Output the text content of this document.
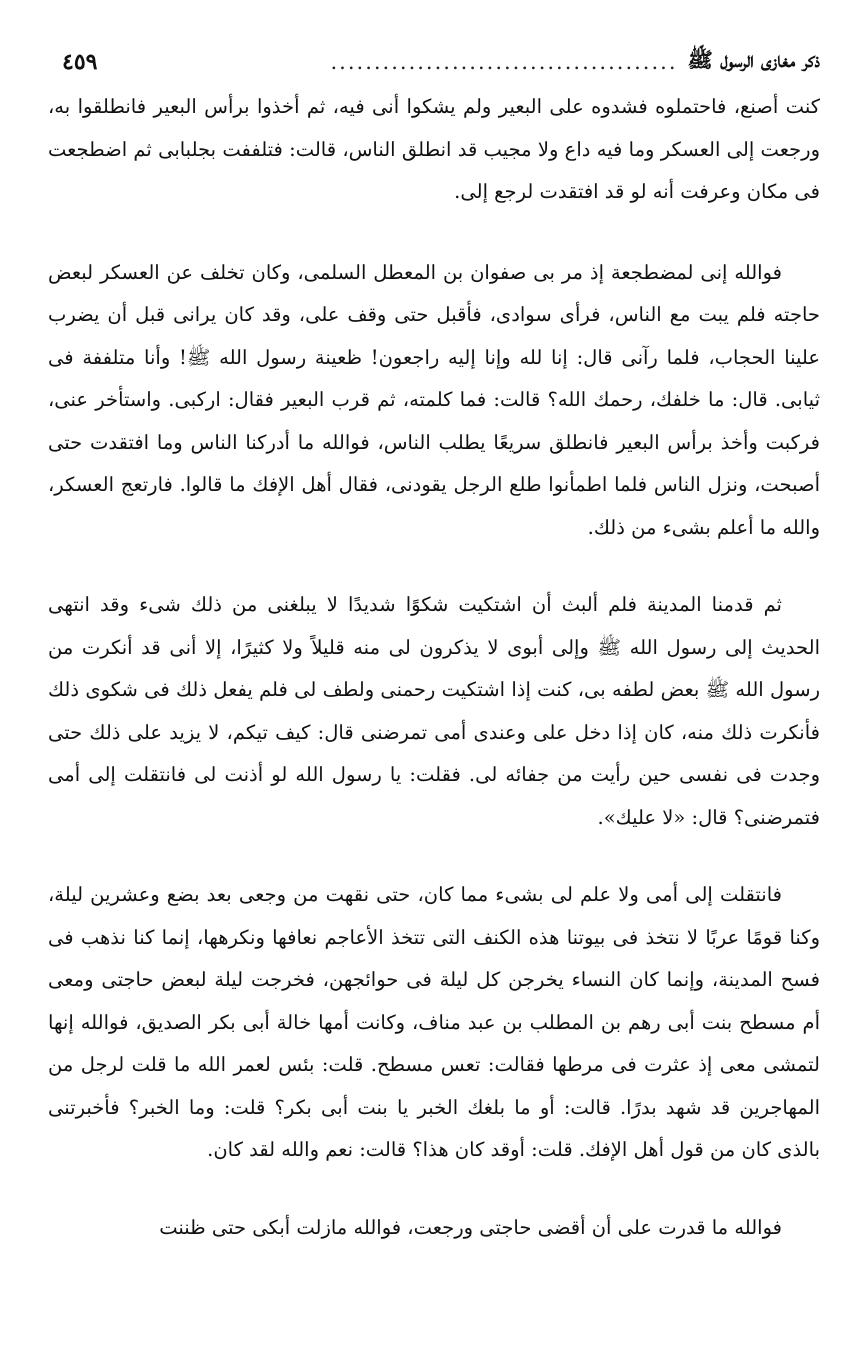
ذكر مغازى الرسول ﷺ
........................................
٤٥٩

كنت أصنع، فاحتملوه فشدوه على البعير ولم يشكوا أنى فيه، ثم أخذوا برأس البعير فانطلقوا به، ورجعت إلى العسكر وما فيه داع ولا مجيب قد انطلق الناس، قالت: فتلففت بجلبابى ثم اضطجعت فى مكان وعرفت أنه لو قد افتقدت لرجع إلى.

فوالله إنى لمضطجعة إذ مر بى صفوان بن المعطل السلمى، وكان تخلف عن العسكر لبعض حاجته فلم يبت مع الناس، فرأى سوادى، فأقبل حتى وقف على، وقد كان يرانى قبل أن يضرب علينا الحجاب، فلما رآنى قال: إنا لله وإنا إليه راجعون! ظعينة رسول الله ﷺ! وأنا متلففة فى ثيابى. قال: ما خلفك، رحمك الله؟ قالت: فما كلمته، ثم قرب البعير فقال: اركبى. واستأخر عنى، فركبت وأخذ برأس البعير فانطلق سريعًا يطلب الناس، فوالله ما أدركنا الناس وما افتقدت حتى أصبحت، ونزل الناس فلما اطمأنوا طلع الرجل يقودنى، فقال أهل الإفك ما قالوا. فارتعج العسكر، والله ما أعلم بشىء من ذلك.

ثم قدمنا المدينة فلم ألبث أن اشتكيت شكوًا شديدًا لا يبلغنى من ذلك شىء وقد انتهى الحديث إلى رسول الله ﷺ وإلى أبوى لا يذكرون لى منه قليلاً ولا كثيرًا، إلا أنى قد أنكرت من رسول الله ﷺ بعض لطفه بى، كنت إذا اشتكيت رحمنى ولطف لى فلم يفعل ذلك فى شكوى ذلك فأنكرت ذلك منه، كان إذا دخل على وعندى أمى تمرضنى قال: كيف تيكم، لا يزيد على ذلك حتى وجدت فى نفسى حين رأيت من جفائه لى. فقلت: يا رسول الله لو أذنت لى فانتقلت إلى أمى فتمرضنى؟ قال: «لا عليك».

فانتقلت إلى أمى ولا علم لى بشىء مما كان، حتى نقهت من وجعى بعد بضع وعشرين ليلة، وكنا قومًا عربًا لا نتخذ فى بيوتنا هذه الكنف التى تتخذ الأعاجم نعافها ونكرهها، إنما كنا نذهب فى فسح المدينة، وإنما كان النساء يخرجن كل ليلة فى حوائجهن، فخرجت ليلة لبعض حاجتى ومعى أم مسطح بنت أبى رهم بن المطلب بن عبد مناف، وكانت أمها خالة أبى بكر الصديق، فوالله إنها لتمشى معى إذ عثرت فى مرطها فقالت: تعس مسطح. قلت: بئس لعمر الله ما قلت لرجل من المهاجرين قد شهد بدرًا. قالت: أو ما بلغك الخبر يا بنت أبى بكر؟ قلت: وما الخبر؟ فأخبرتنى بالذى كان من قول أهل الإفك. قلت: أوقد كان هذا؟ قالت: نعم والله لقد كان.

فوالله ما قدرت على أن أقضى حاجتى ورجعت، فوالله مازلت أبكى حتى ظننت
